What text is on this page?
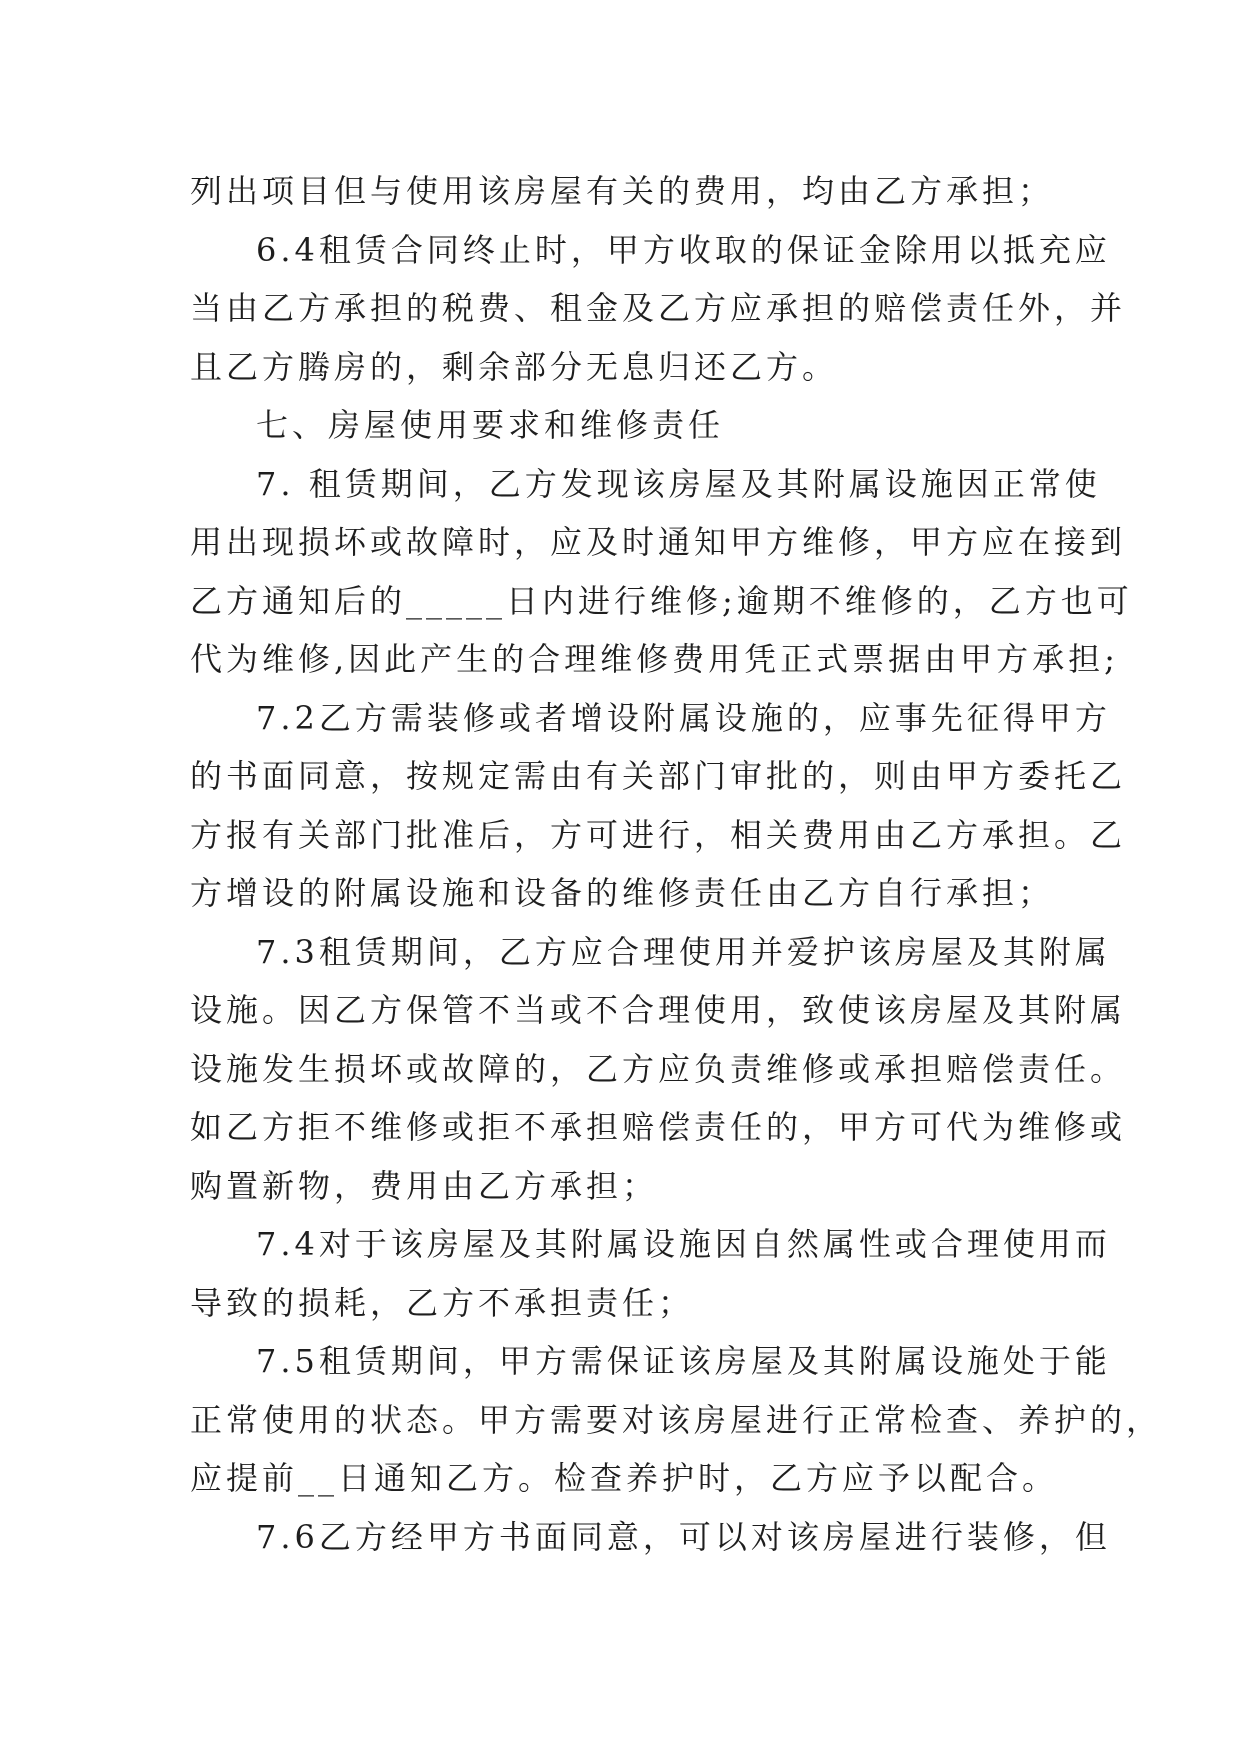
列出项目但与使用该房屋有关的费用，均由乙方承担；

6.4租赁合同终止时，甲方收取的保证金除用以抵充应

当由乙方承担的税费、租金及乙方应承担的赔偿责任外，并

且乙方腾房的，剩余部分无息归还乙方。

七、房屋使用要求和维修责任

7. 租赁期间，乙方发现该房屋及其附属设施因正常使

用出现损坏或故障时，应及时通知甲方维修，甲方应在接到

乙方通知后的_____日内进行维修;逾期不维修的，乙方也可

代为维修,因此产生的合理维修费用凭正式票据由甲方承担;

7.2乙方需装修或者增设附属设施的，应事先征得甲方

的书面同意，按规定需由有关部门审批的，则由甲方委托乙

方报有关部门批准后，方可进行，相关费用由乙方承担。乙

方增设的附属设施和设备的维修责任由乙方自行承担；

7.3租赁期间，乙方应合理使用并爱护该房屋及其附属

设施。因乙方保管不当或不合理使用，致使该房屋及其附属

设施发生损坏或故障的，乙方应负责维修或承担赔偿责任。

如乙方拒不维修或拒不承担赔偿责任的，甲方可代为维修或

购置新物，费用由乙方承担；

7.4对于该房屋及其附属设施因自然属性或合理使用而

导致的损耗，乙方不承担责任；

7.5租赁期间，甲方需保证该房屋及其附属设施处于能

正常使用的状态。甲方需要对该房屋进行正常检查、养护的，

应提前__日通知乙方。检查养护时，乙方应予以配合。

7.6乙方经甲方书面同意，可以对该房屋进行装修，但
